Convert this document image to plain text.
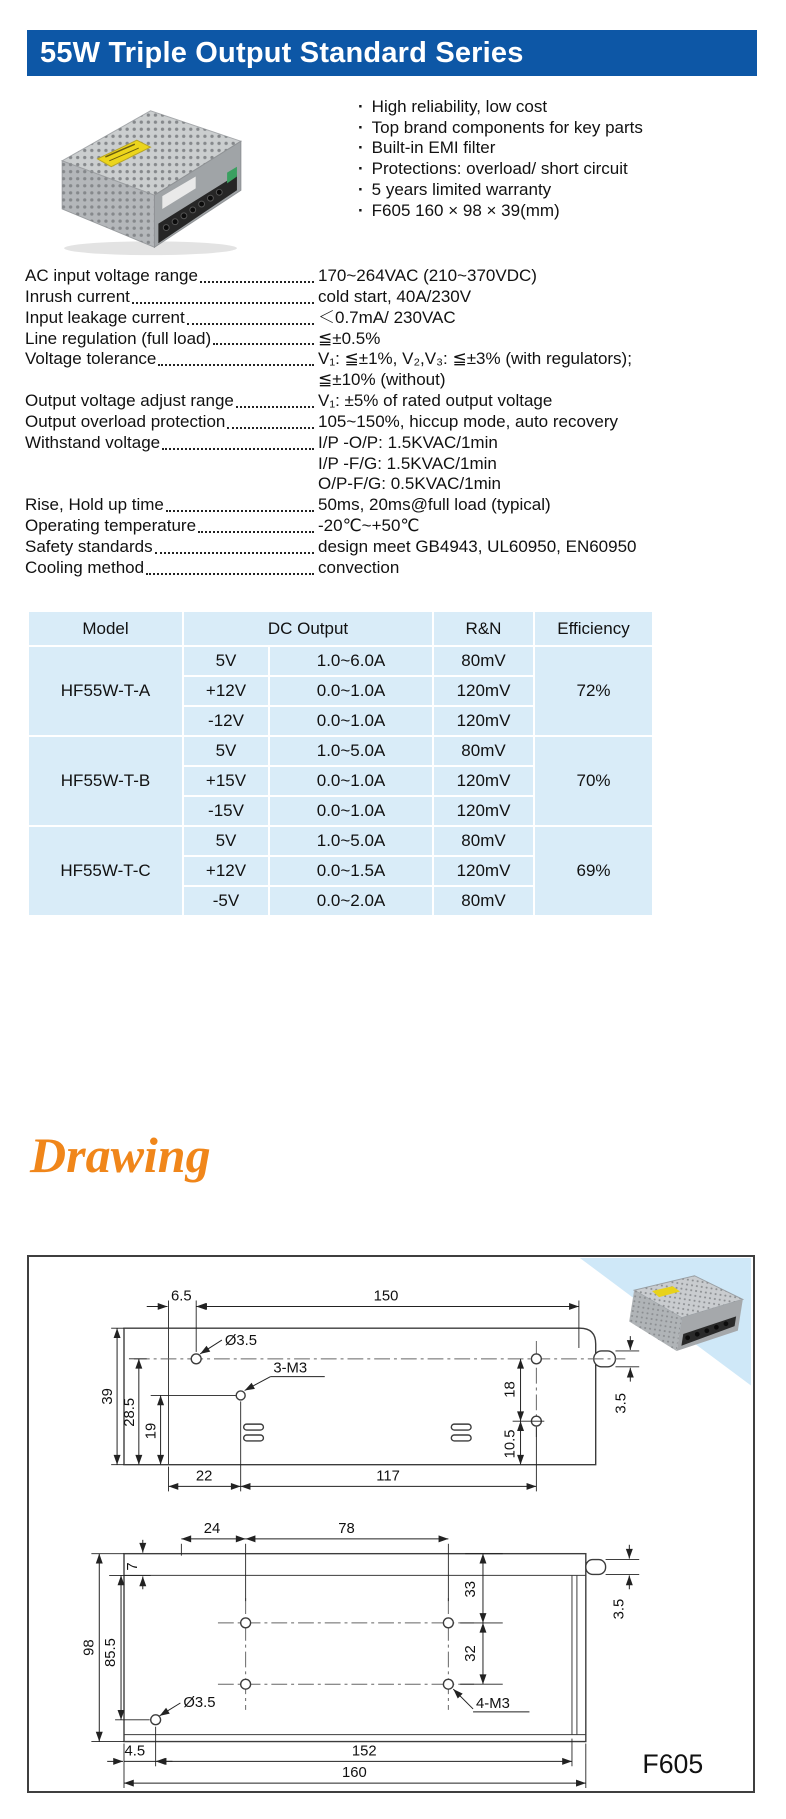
55W Triple Output Standard Series
· High reliability, low cost
· Top brand components for key parts
· Built-in EMI filter
· Protections: overload/ short circuit
· 5 years limited warranty
· F605 160 × 98 × 39(mm)
AC input voltage range	170~264VAC (210~370VDC)
Inrush current	cold start, 40A/230V
Input leakage current	＜0.7mA/ 230VAC
Line regulation (full load)	≦±0.5%
Voltage tolerance	V₁: ≦±1%, V₂,V₃: ≦±3% (with regulators);
≦±10% (without)
Output voltage adjust range	V₁: ±5% of rated output voltage
Output overload protection	105~150%, hiccup mode, auto recovery
Withstand voltage	I/P -O/P: 1.5KVAC/1min
I/P -F/G: 1.5KVAC/1min
O/P-F/G: 0.5KVAC/1min
Rise, Hold up time	50ms, 20ms@full load (typical)
Operating temperature	-20℃~+50℃
Safety standards	design meet GB4943, UL60950, EN60950
Cooling method	convection
Model	DC Output		R&N	Efficiency
HF55W-T-A	5V	1.0~6.0A	80mV	72%
	+12V	0.0~1.0A	120mV	
	-12V	0.0~1.0A	120mV	
HF55W-T-B	5V	1.0~5.0A	80mV	70%
	+15V	0.0~1.0A	120mV	
	-15V	0.0~1.0A	120mV	
HF55W-T-C	5V	1.0~5.0A	80mV	69%
	+12V	0.0~1.5A	120mV	
	-5V	0.0~2.0A	80mV	
Drawing
Ø3.5
3-M3
6.5	150
39
28.5
19
22	117
18
10.5
3.5
24	78
98 85.5
7
33
32
4-M3
Ø3.5
3.5
4.5	152
160	F605
